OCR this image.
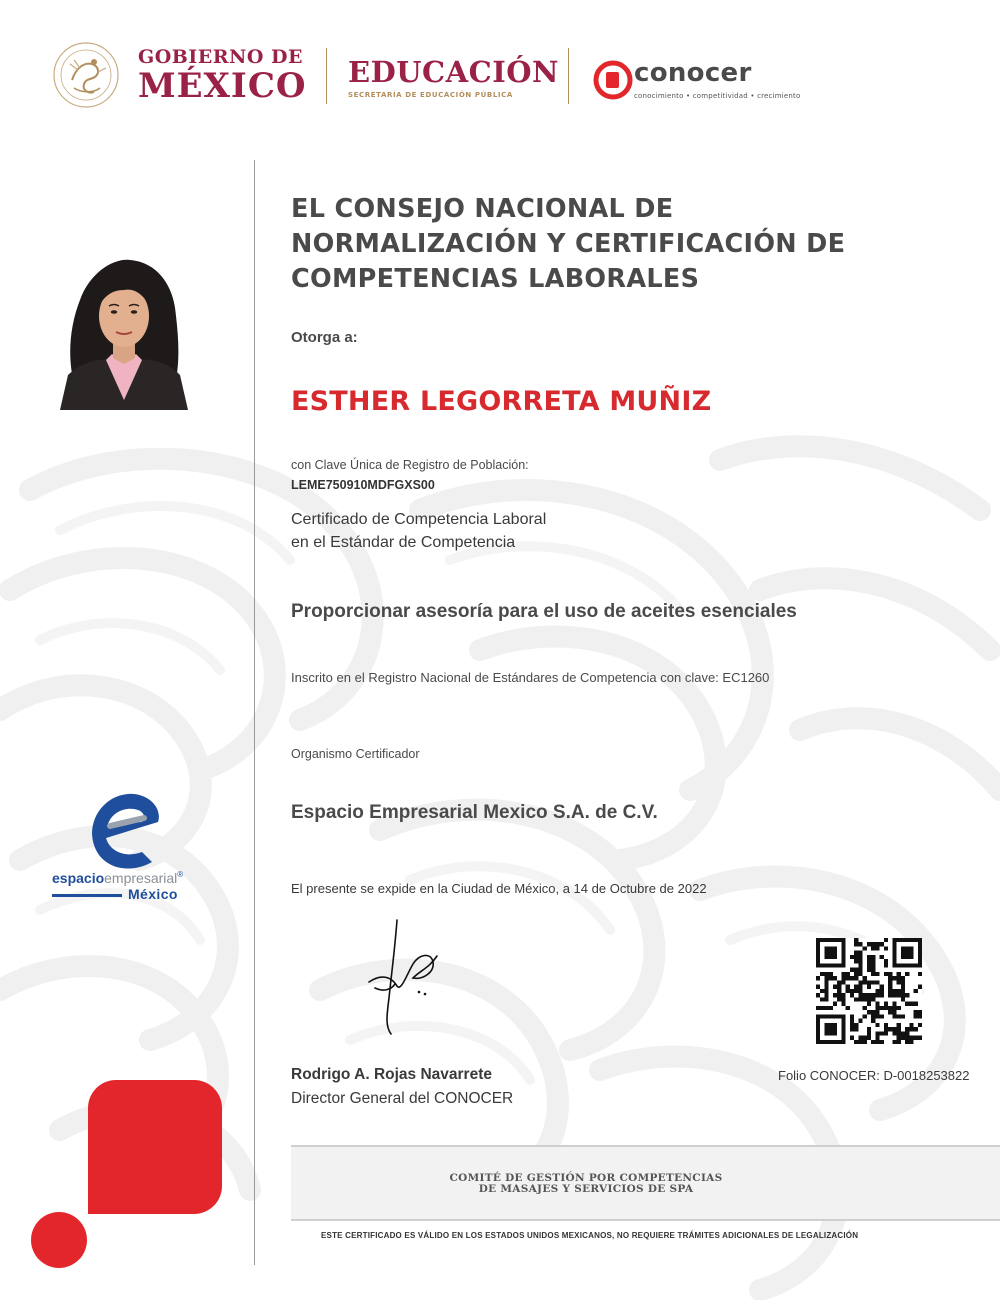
GOBIERNO DE
MÉXICO EDUCACIÓN
SECRETARÍA DE EDUCACIÓN PÚBLICA
conocer
conocimiento • competitividad • crecimiento
espacioempresarial®
México
EL CONSEJO NACIONAL DE NORMALIZACIÓN Y CERTIFICACIÓN DE COMPETENCIAS LABORALES
Otorga a:
ESTHER LEGORRETA MUÑIZ
con Clave Única de Registro de Población:
LEME750910MDFGXS00
Certificado de Competencia Laboral
en el Estándar de Competencia
Proporcionar asesoría para el uso de aceites esenciales
Inscrito en el Registro Nacional de Estándares de Competencia con clave: EC1260
Organismo Certificador
Espacio Empresarial Mexico S.A. de C.V.
El presente se expide en la Ciudad de México, a 14 de Octubre de 2022
Rodrigo A. Rojas Navarrete
Director General del CONOCER
Folio CONOCER: D-0018253822
COMITÉ DE GESTIÓN POR COMPETENCIAS
DE MASAJES Y SERVICIOS DE SPA
ESTE CERTIFICADO ES VÁLIDO EN LOS ESTADOS UNIDOS MEXICANOS, NO REQUIERE TRÁMITES ADICIONALES DE LEGALIZACIÓN
